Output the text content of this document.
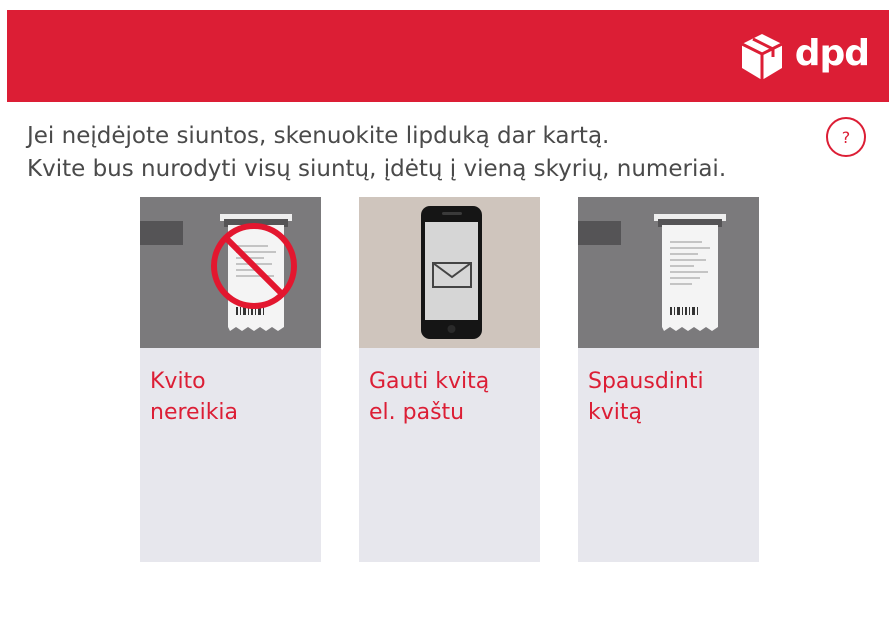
dpd
Jei neįdėjote siuntos, skenuokite lipduką dar kartą.
Kvite bus nurodyti visų siuntų, įdėtų į vieną skyrių, numeriai.
?
Kvito
nereikia
Gauti kvitą
el. paštu
Spausdinti
kvitą
